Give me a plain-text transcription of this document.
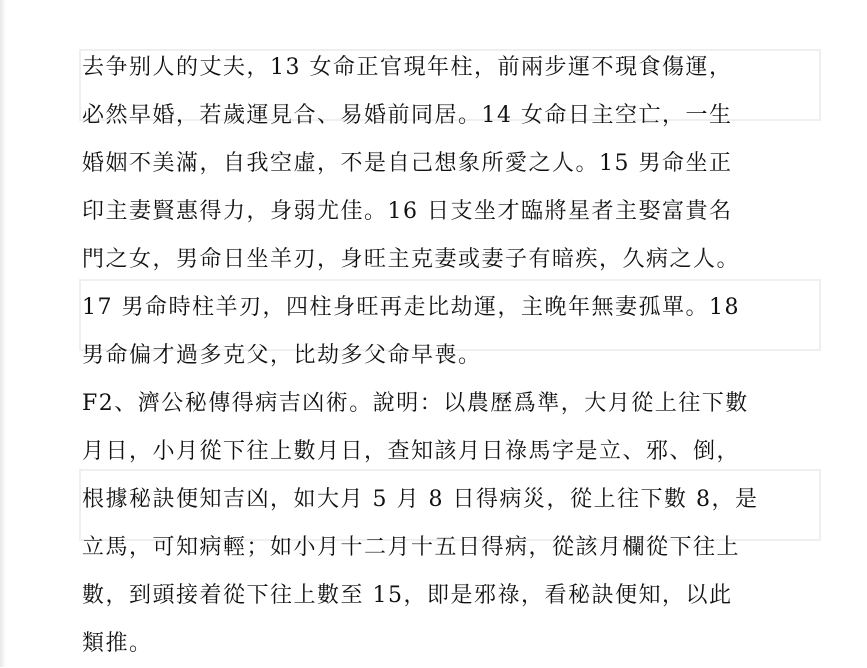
去争别人的丈夫，13 女命正官現年柱，前兩步運不現食傷運，
必然早婚，若歲運見合、易婚前同居。14 女命日主空亡，一生
婚姻不美滿，自我空虛，不是自己想象所愛之人。15 男命坐正
印主妻賢惠得力，身弱尤佳。16 日支坐才臨將星者主娶富貴名
門之女，男命日坐羊刃，身旺主克妻或妻子有暗疾，久病之人。
17 男命時柱羊刃，四柱身旺再走比劫運，主晚年無妻孤單。18
男命偏才過多克父，比劫多父命早喪。
F2、濟公秘傳得病吉凶術。說明：以農歷爲準，大月從上往下數
月日，小月從下往上數月日，查知該月日祿馬字是立、邪、倒，
根據秘訣便知吉凶，如大月 5 月 8 日得病災，從上往下數 8，是
立馬，可知病輕；如小月十二月十五日得病，從該月欄從下往上
數，到頭接着從下往上數至 15，即是邪祿，看秘訣便知，以此
類推。
